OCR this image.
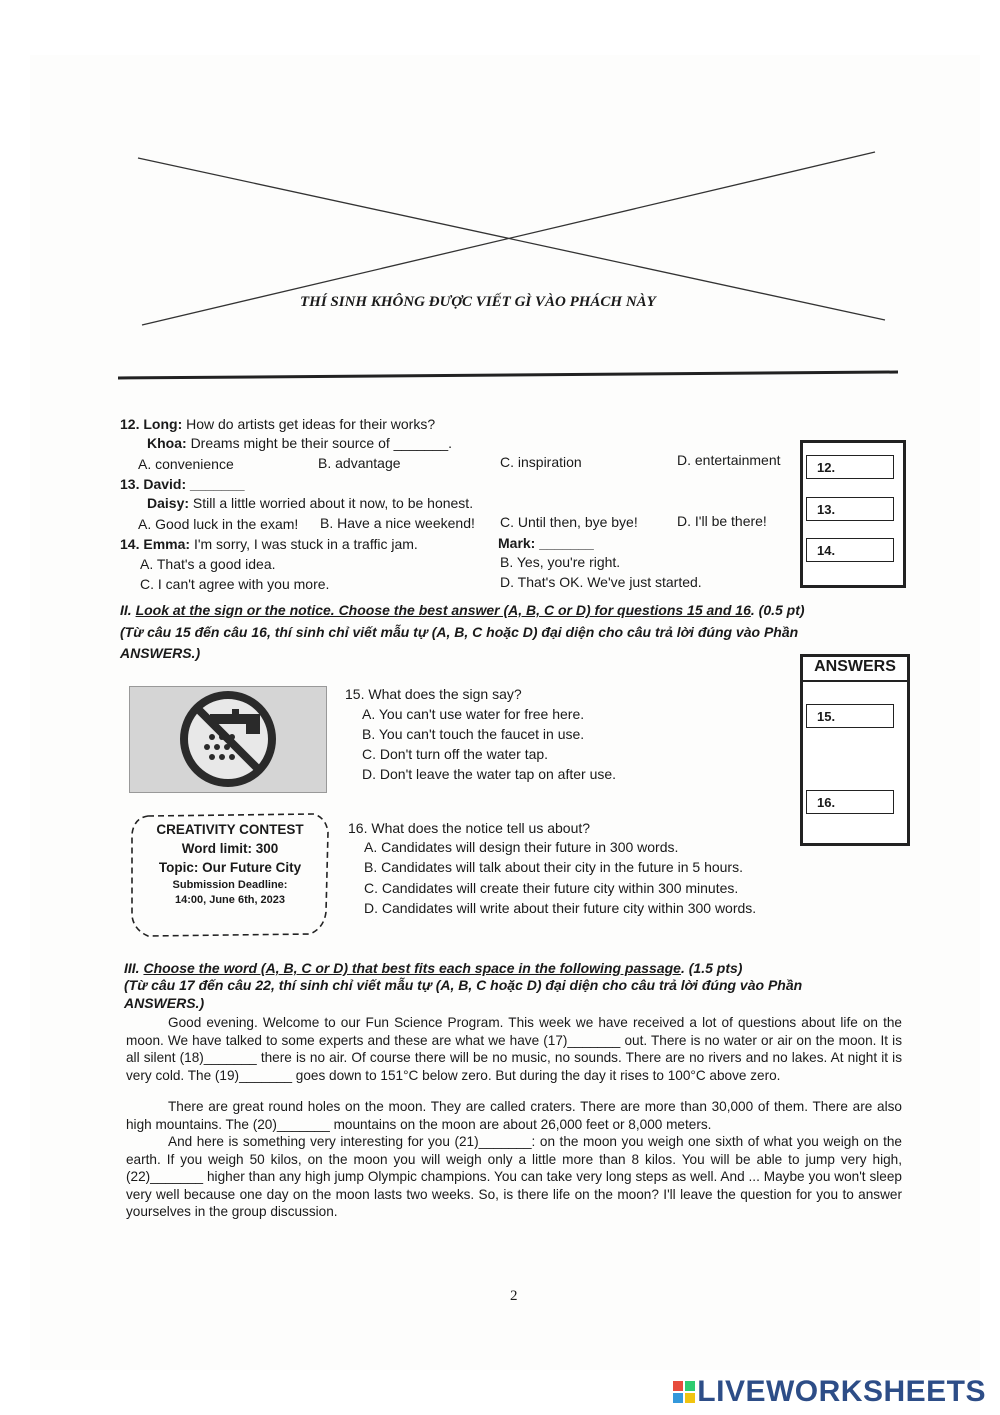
THÍ SINH KHÔNG ĐƯỢC VIẾT GÌ VÀO PHÁCH NÀY
12. Long: How do artists get ideas for their works?
Khoa: Dreams might be their source of _______.
A. convenience	B. advantage	C. inspiration	D. entertainment
13. David: _______
Daisy: Still a little worried about it now, to be honest.
A. Good luck in the exam! B. Have a nice weekend! C. Until then, bye bye!	D. I'll be there!
14. Emma: I'm sorry, I was stuck in a traffic jam.	Mark: _______
A. That's a good idea.	B. Yes, you're right.
C. I can't agree with you more.	D. That's OK. We've just started.
12.
13.
14.
II. Look at the sign or the notice. Choose the best answer (A, B, C or D) for questions 15 and 16. (0.5 pt)
(Từ câu 15 đến câu 16, thí sinh chỉ viết mẫu tự (A, B, C hoặc D) đại diện cho câu trả lời đúng vào Phần
ANSWERS.)
ANSWERS
15.
16.
15. What does the sign say?
A. You can't use water for free here.
B. You can't touch the faucet in use.
C. Don't turn off the water tap.
D. Don't leave the water tap on after use.
CREATIVITY CONTEST
Word limit: 300
Topic: Our Future City
Submission Deadline:
14:00, June 6th, 2023
16. What does the notice tell us about?
A. Candidates will design their future in 300 words.
B. Candidates will talk about their city in the future in 5 hours.
C. Candidates will create their future city within 300 minutes.
D. Candidates will write about their future city within 300 words.
III. Choose the word (A, B, C or D) that best fits each space in the following passage. (1.5 pts)
(Từ câu 17 đến câu 22, thí sinh chỉ viết mẫu tự (A, B, C hoặc D) đại diện cho câu trả lời đúng vào Phần
ANSWERS.)
Good evening. Welcome to our Fun Science Program. This week we have received a lot of questions about life on the moon. We have talked to some experts and these are what we have (17)_______ out. There is no water or air on the moon. It is all silent (18)_______ there is no air. Of course there will be no music, no sounds. There are no rivers and no lakes. At night it is very cold. The (19)_______ goes down to 151°C below zero. But during the day it rises to 100°C above zero.
There are great round holes on the moon. They are called craters. There are more than 30,000 of them. There are also high mountains. The (20)_______ mountains on the moon are about 26,000 feet or 8,000 meters.
And here is something very interesting for you (21)_______: on the moon you weigh one sixth of what you weigh on the earth. If you weigh 50 kilos, on the moon you will weigh only a little more than 8 kilos. You will be able to jump very high, (22)_______ higher than any high jump Olympic champions. You can take very long steps as well. And ... Maybe you won't sleep very well because one day on the moon lasts two weeks. So, is there life on the moon? I'll leave the question for you to answer yourselves in the group discussion.
2
LIVEWORKSHEETS
